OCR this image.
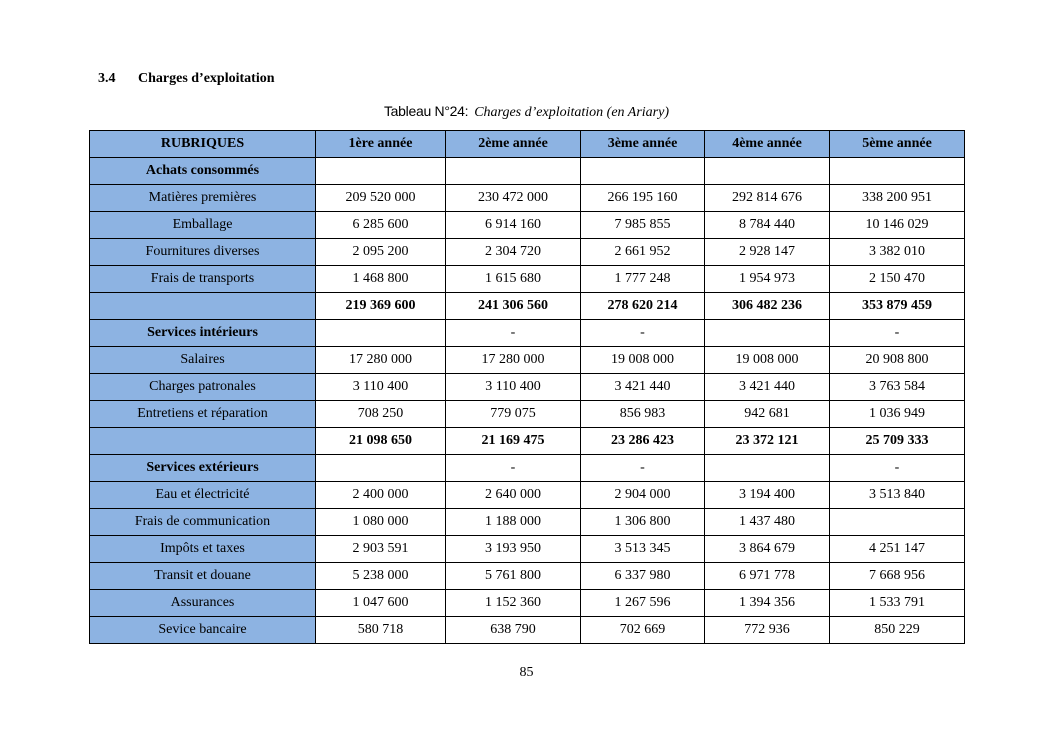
3.4 Charges d’exploitation
Tableau N°24: Charges d’exploitation (en Ariary)
RUBRIQUES	1ère année	2ème année	3ème année	4ème année	5ème année
Achats consommés					
Matières premières	209 520 000	230 472 000	266 195 160	292 814 676	338 200 951
Emballage	6 285 600	6 914 160	7 985 855	8 784 440	10 146 029
Fournitures diverses	2 095 200	2 304 720	2 661 952	2 928 147	3 382 010
Frais de transports	1 468 800	1 615 680	1 777 248	1 954 973	2 150 470
	219 369 600	241 306 560	278 620 214	306 482 236	353 879 459
Services intérieurs		-	-		-
Salaires	17 280 000	17 280 000	19 008 000	19 008 000	20 908 800
Charges patronales	3 110 400	3 110 400	3 421 440	3 421 440	3 763 584
Entretiens et réparation	708 250	779 075	856 983	942 681	1 036 949
	21 098 650	21 169 475	23 286 423	23 372 121	25 709 333
Services extérieurs		-	-		-
Eau et électricité	2 400 000	2 640 000	2 904 000	3 194 400	3 513 840
Frais de communication	1 080 000	1 188 000	1 306 800	1 437 480	
Impôts et taxes	2 903 591	3 193 950	3 513 345	3 864 679	4 251 147
Transit et douane	5 238 000	5 761 800	6 337 980	6 971 778	7 668 956
Assurances	1 047 600	1 152 360	1 267 596	1 394 356	1 533 791
Sevice bancaire	580 718	638 790	702 669	772 936	850 229
85
